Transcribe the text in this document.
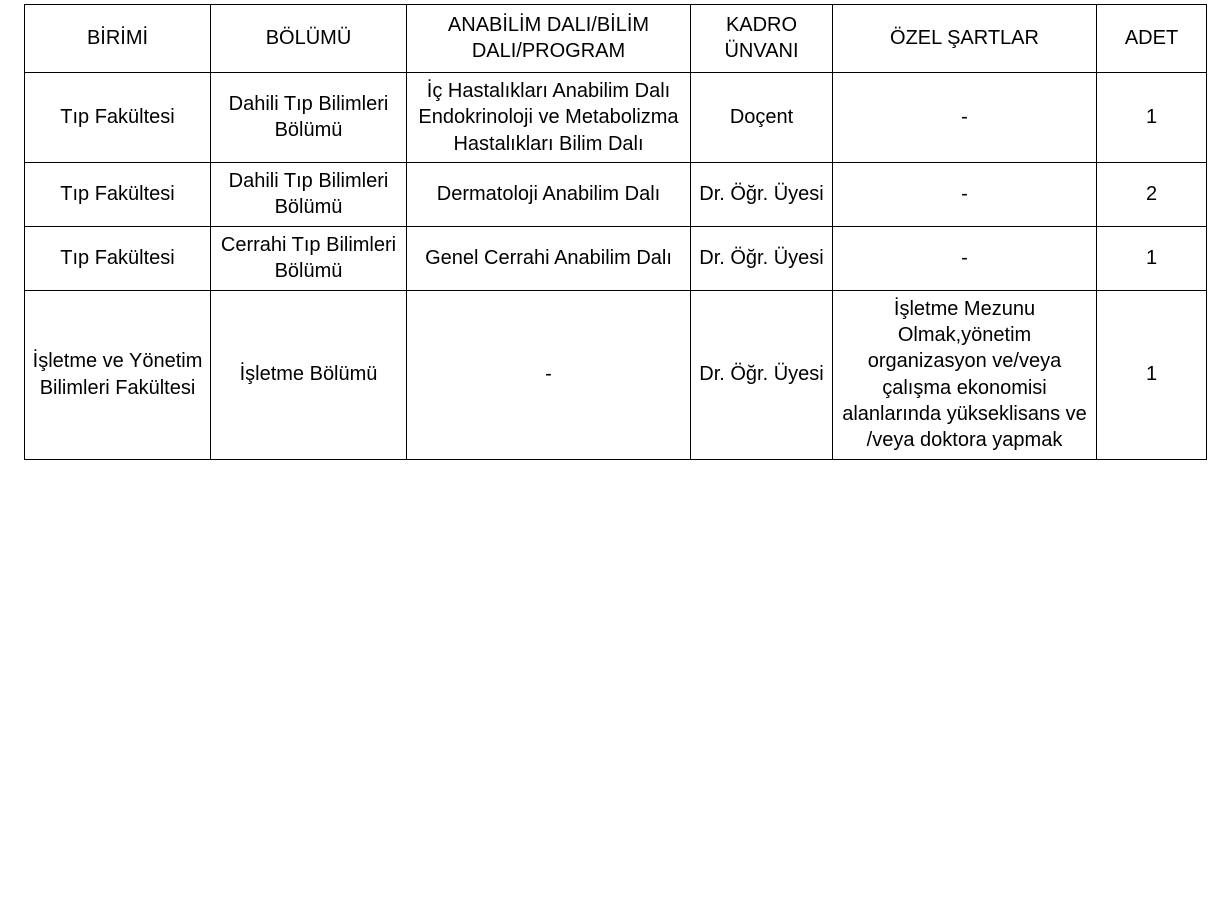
BİRİMİ	BÖLÜMÜ	ANABİLİM DALI/BİLİM DALI/PROGRAM	KADRO ÜNVANI	ÖZEL ŞARTLAR	ADET
Tıp Fakültesi	Dahili Tıp Bilimleri Bölümü	İç Hastalıkları Anabilim Dalı Endokrinoloji ve Metabolizma Hastalıkları Bilim Dalı	Doçent	-	1
Tıp Fakültesi	Dahili Tıp Bilimleri Bölümü	Dermatoloji Anabilim Dalı	Dr. Öğr. Üyesi	-	2
Tıp Fakültesi	Cerrahi Tıp Bilimleri Bölümü	Genel Cerrahi Anabilim Dalı	Dr. Öğr. Üyesi	-	1
İşletme ve Yönetim Bilimleri Fakültesi	İşletme Bölümü	-	Dr. Öğr. Üyesi	İşletme Mezunu Olmak,yönetim organizasyon ve/veya çalışma ekonomisi alanlarında yükseklisans ve /veya doktora yapmak	1
